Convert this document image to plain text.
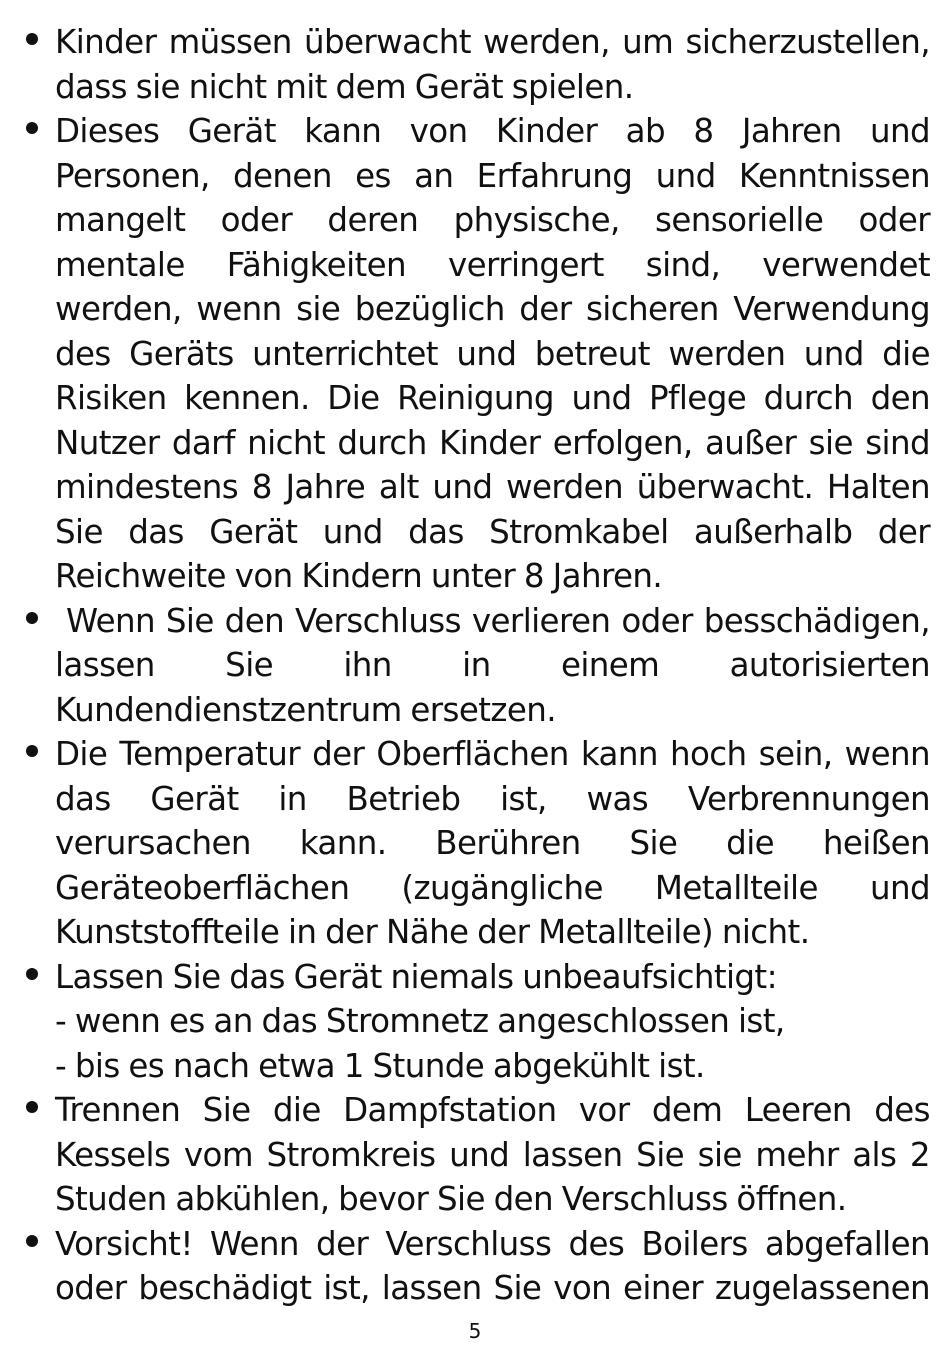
Kinder müssen überwacht werden, um sicherzustellen, dass sie nicht mit dem Gerät spielen.
Dieses Gerät kann von Kinder ab 8 Jahren und Personen, denen es an Erfahrung und Kenntnissen mangelt oder deren physische, sensorielle oder mentale Fähigkeiten verringert sind, verwendet werden, wenn sie bezüglich der sicheren Verwendung des Geräts unterrichtet und betreut werden und die Risiken kennen. Die Reinigung und Pflege durch den Nutzer darf nicht durch Kinder erfolgen, außer sie sind mindestens 8 Jahre alt und werden überwacht. Halten Sie das Gerät und das Stromkabel außerhalb der Reichweite von Kindern unter 8 Jahren.
Wenn Sie den Verschluss verlieren oder besschädigen, lassen Sie ihn in einem autorisierten Kundendienstzentrum ersetzen.
Die Temperatur der Oberflächen kann hoch sein, wenn das Gerät in Betrieb ist, was Verbrennungen verursachen kann. Berühren Sie die heißen Geräteoberflächen (zugängliche Metallteile und Kunststoffteile in der Nähe der Metallteile) nicht.
Lassen Sie das Gerät niemals unbeaufsichtigt:
- wenn es an das Stromnetz angeschlossen ist,
- bis es nach etwa 1 Stunde abgekühlt ist.
Trennen Sie die Dampfstation vor dem Leeren des Kessels vom Stromkreis und lassen Sie sie mehr als 2 Studen abkühlen, bevor Sie den Verschluss öffnen.
Vorsicht! Wenn der Verschluss des Boilers abgefallen oder beschädigt ist, lassen Sie von einer zugelassenen
5
